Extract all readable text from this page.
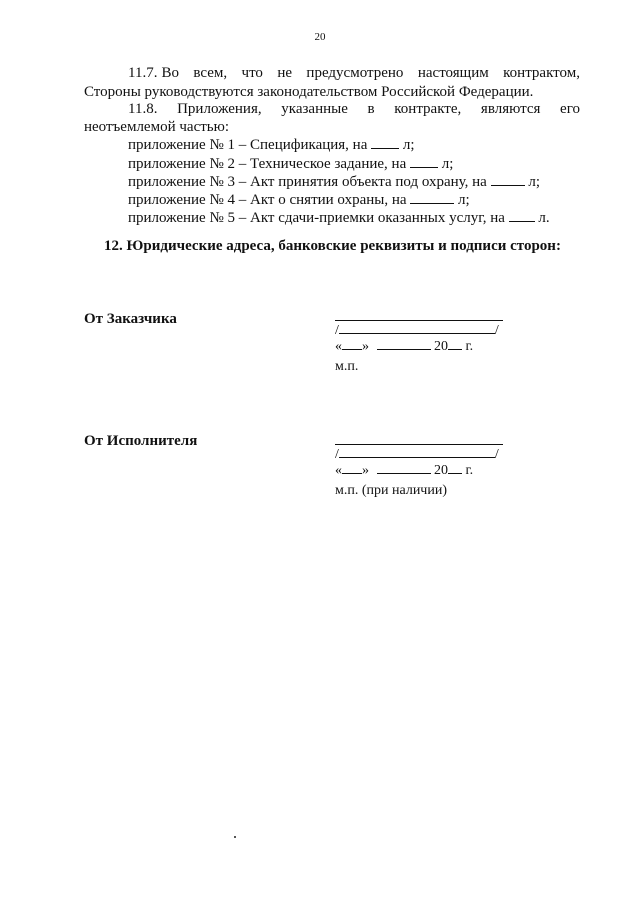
20
11.7. Во всем, что не предусмотрено настоящим контрактом,
Стороны руководствуются законодательством Российской Федерации.
11.8. Приложения, указанные в контракте, являются его
неотъемлемой частью:
приложение № 1 – Спецификация, на л;
приложение № 2 – Техническое задание, на л;
приложение № 3 – Акт принятия объекта под охрану, на	л;
приложение № 4 – Акт о снятии охраны, на	л;
приложение № 5 – Акт сдачи-приемки оказанных услуг, на л.
12. Юридические адреса, банковские реквизиты и подписи сторон:
От Заказчика
/	/
« »	20 г.
м.п.
От Исполнителя
/	/
« »	20 г.
м.п. (при наличии)
